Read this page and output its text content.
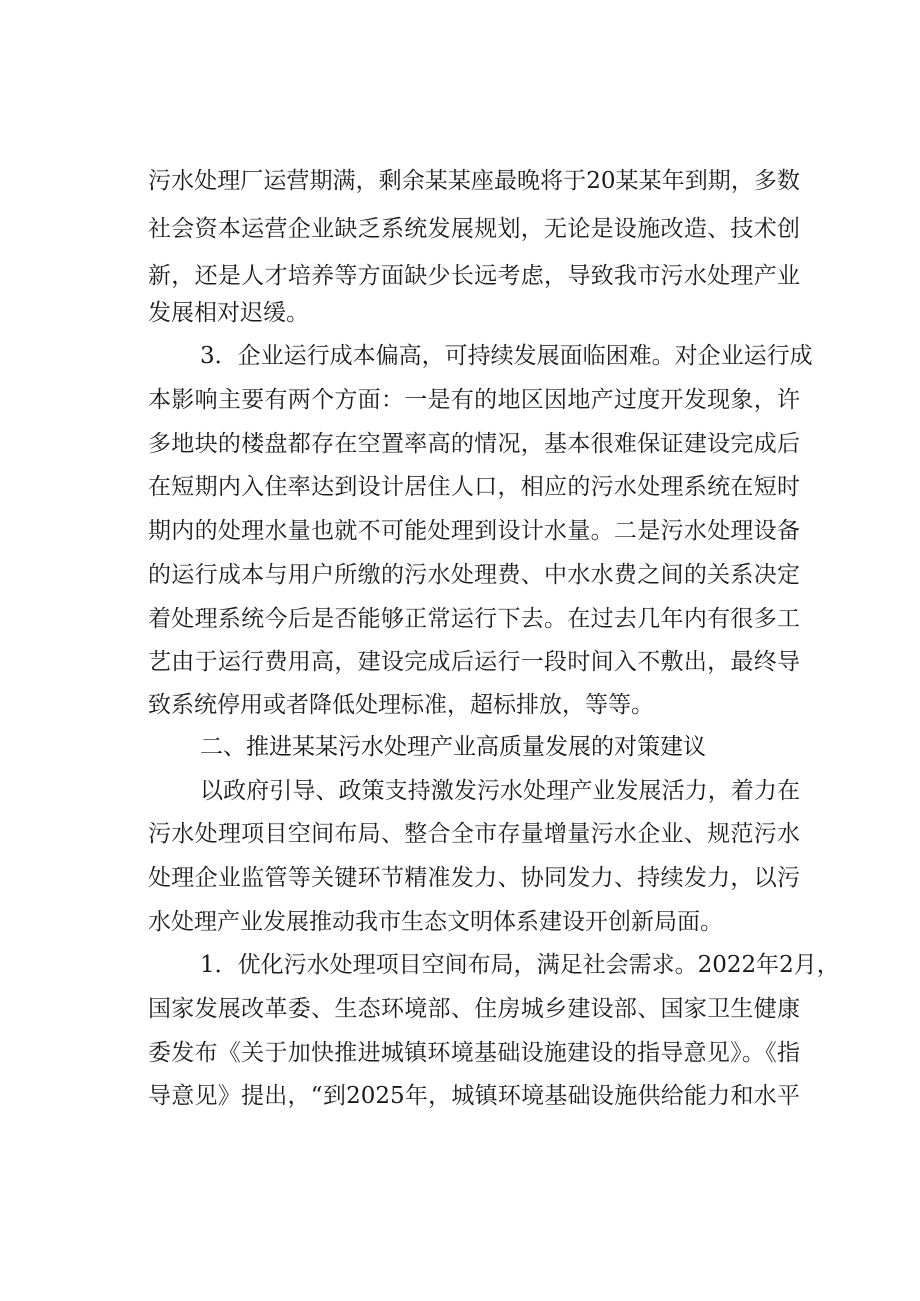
污水处理厂运营期满，剩余某某座最晚将于20某某年到期，多数
社会资本运营企业缺乏系统发展规划，无论是设施改造、技术创
新，还是人才培养等方面缺少长远考虑，导致我市污水处理产业
发展相对迟缓。
3．企业运行成本偏高，可持续发展面临困难。对企业运行成
本影响主要有两个方面：一是有的地区因地产过度开发现象，许
多地块的楼盘都存在空置率高的情况，基本很难保证建设完成后
在短期内入住率达到设计居住人口，相应的污水处理系统在短时
期内的处理水量也就不可能处理到设计水量。二是污水处理设备
的运行成本与用户所缴的污水处理费、中水水费之间的关系决定
着处理系统今后是否能够正常运行下去。在过去几年内有很多工
艺由于运行费用高，建设完成后运行一段时间入不敷出，最终导
致系统停用或者降低处理标准，超标排放，等等。
二、推进某某污水处理产业高质量发展的对策建议
以政府引导、政策支持激发污水处理产业发展活力，着力在
污水处理项目空间布局、整合全市存量增量污水企业、规范污水
处理企业监管等关键环节精准发力、协同发力、持续发力，以污
水处理产业发展推动我市生态文明体系建设开创新局面。
1．优化污水处理项目空间布局，满足社会需求。2022年2月，
国家发展改革委、生态环境部、住房城乡建设部、国家卫生健康
委发布《关于加快推进城镇环境基础设施建设的指导意见》。《指
导意见》提出，“到2025年，城镇环境基础设施供给能力和水平
